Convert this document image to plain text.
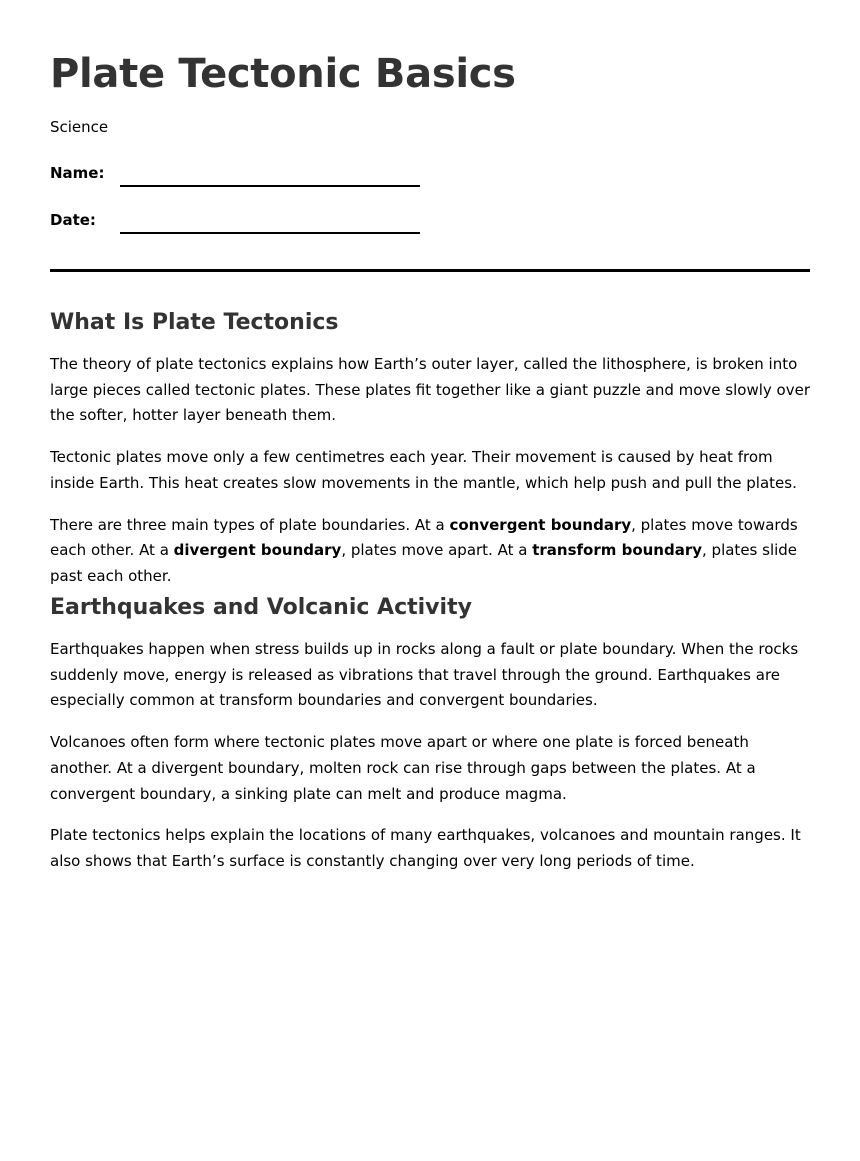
Plate Tectonic Basics
Science
Name:
Date:
What Is Plate Tectonics

The theory of plate tectonics explains how Earth’s outer layer, called the lithosphere, is broken into large pieces called tectonic plates. These plates fit together like a giant puzzle and move slowly over the softer, hotter layer beneath them.

Tectonic plates move only a few centimetres each year. Their movement is caused by heat from inside Earth. This heat creates slow movements in the mantle, which help push and pull the plates.

There are three main types of plate boundaries. At a convergent boundary, plates move towards each other. At a divergent boundary, plates move apart. At a transform boundary, plates slide past each other.

Earthquakes and Volcanic Activity

Earthquakes happen when stress builds up in rocks along a fault or plate boundary. When the rocks suddenly move, energy is released as vibrations that travel through the ground. Earthquakes are especially common at transform boundaries and convergent boundaries.

Volcanoes often form where tectonic plates move apart or where one plate is forced beneath another. At a divergent boundary, molten rock can rise through gaps between the plates. At a convergent boundary, a sinking plate can melt and produce magma.

Plate tectonics helps explain the locations of many earthquakes, volcanoes and mountain ranges. It also shows that Earth’s surface is constantly changing over very long periods of time.
